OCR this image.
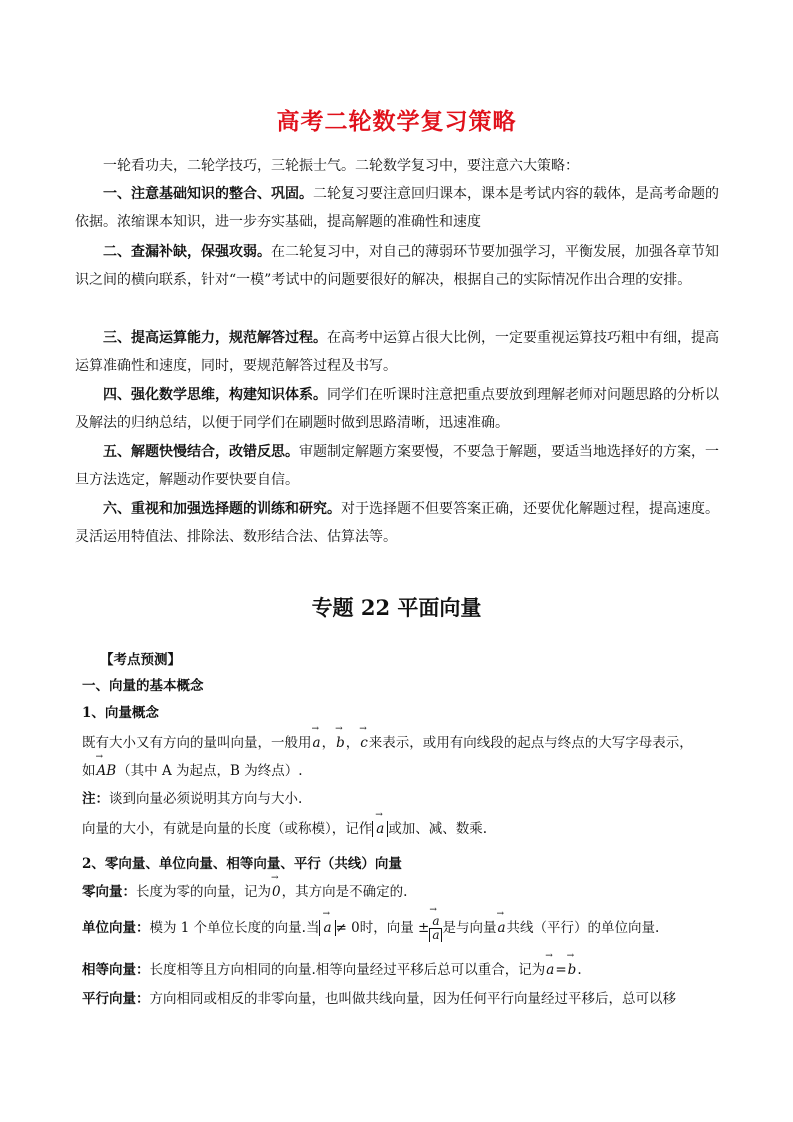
高考二轮数学复习策略
一轮看功夫，二轮学技巧，三轮振士气。二轮数学复习中，要注意六大策略：
一、注意基础知识的整合、巩固。二轮复习要注意回归课本，课本是考试内容的载体，是高考命题的依据。浓缩课本知识，进一步夯实基础，提高解题的准确性和速度
二、查漏补缺，保强攻弱。在二轮复习中，对自己的薄弱环节要加强学习，平衡发展，加强各章节知识之间的横向联系，针对“一模”考试中的问题要很好的解决，根据自己的实际情况作出合理的安排。
三、提高运算能力，规范解答过程。在高考中运算占很大比例，一定要重视运算技巧粗中有细，提高运算准确性和速度，同时，要规范解答过程及书写。
四、强化数学思维，构建知识体系。同学们在听课时注意把重点要放到理解老师对问题思路的分析以及解法的归纳总结，以便于同学们在刷题时做到思路清晰，迅速准确。
五、解题快慢结合，改错反思。审题制定解题方案要慢，不要急于解题，要适当地选择好的方案，一旦方法选定，解题动作要快要自信。
六、重视和加强选择题的训练和研究。对于选择题不但要答案正确，还要优化解题过程，提高速度。灵活运用特值法、排除法、数形结合法、估算法等。
专题 22 平面向量
【考点预测】
一、向量的基本概念
1、向量概念
既有大小又有方向的量叫向量，一般用→ a，→ b，→ c来表示，或用有向线段的起点与终点的大写字母表示，
如→ AB（其中 A 为起点，B 为终点）.
注：谈到向量必须说明其方向与大小.
向量的大小，有就是向量的长度（或称模），记作 → a 或加、减、数乘.
2、零向量、单位向量、相等向量、平行（共线）向量
零向量：长度为零的向量，记为→ 0，其方向是不确定的.
单位向量：模为 1 个单位长度的向量.当 → a ≠ 0时，向量 ± → $\frac{a}{a}$ 是与向量→ a共线（平行）的单位向量.
相等向量：长度相等且方向相同的向量.相等向量经过平移后总可以重合，记为→ a=→ b.
平行向量：方向相同或相反的非零向量，也叫做共线向量，因为任何平行向量经过平移后，总可以移
